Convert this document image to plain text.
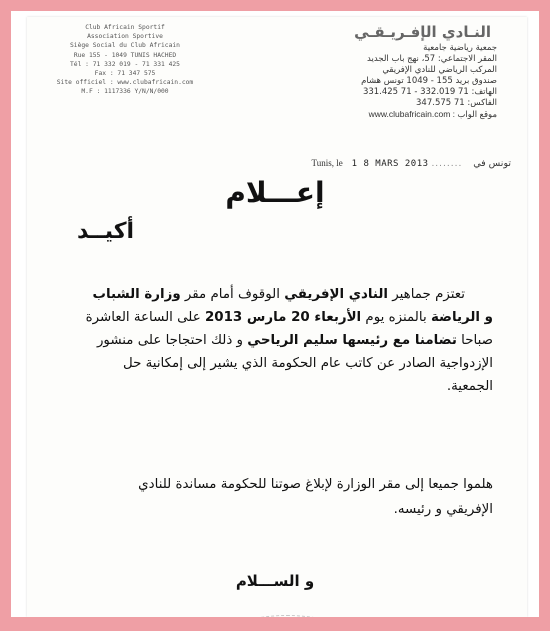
Club Africain Sportif
Association Sportive
Siège Social du Club Africain
Rue 155 - 1049 TUNIS HACHED
Tél : 71 332 019 - 71 331 425
Fax : 71 347 575
Site officiel : www.clubafricain.com
M.F : 1117336 Y/N/N/000
النـادي الإفـريـقـي
جمعية رياضية جامعية
المقر الاجتماعي: 57، نهج باب الجديد
المركب الرياضي للنادي الإفريقي
صندوق بريد 155 - 1049 تونس هشام
الهاتف: 71 332.019 - 71 331.425
الفاكس: 71 347.575
موقع الواب : www.clubafricain.com
Tunis, le 1 8 MARS 2013 ........ تونس في
إعـــلام
أكيــد

تعتزم جماهير النادي الإفريقي الوقوف أمام مقر وزارة الشباب

و الرياضة بالمنزه يوم الأربعاء 20 مارس 2013 على الساعة العاشرة

صباحا تضامنا مع رئيسها سليم الرياحي و ذلك احتجاجا على منشور

الإزدواجية الصادر عن كاتب عام الحكومة الذي يشير إلى إمكانية حل

الجمعية.

هلموا جميعا إلى مقر الوزارة لإبلاغ صوتنا للحكومة مساندة للنادي

الإفريقي و رئيسه.

و الســـلام
